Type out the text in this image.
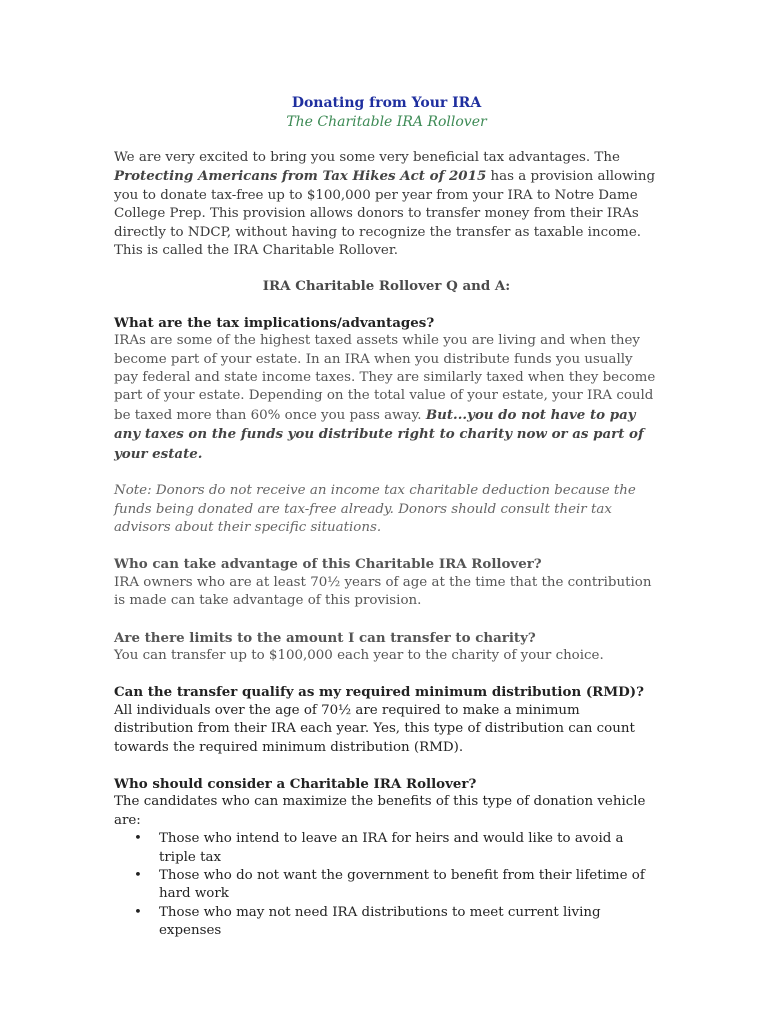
Donating from Your IRA
The Charitable IRA Rollover

We are very excited to bring you some very beneficial tax advantages. The Protecting Americans from Tax Hikes Act of 2015 has a provision allowing you to donate tax-free up to $100,000 per year from your IRA to Notre Dame College Prep. This provision allows donors to transfer money from their IRAs directly to NDCP, without having to recognize the transfer as taxable income. This is called the IRA Charitable Rollover.

IRA Charitable Rollover Q and A:
What are the tax implications/advantages?

IRAs are some of the highest taxed assets while you are living and when they become part of your estate. In an IRA when you distribute funds you usually pay federal and state income taxes. They are similarly taxed when they become part of your estate. Depending on the total value of your estate, your IRA could be taxed more than 60% once you pass away. But...you do not have to pay any taxes on the funds you distribute right to charity now or as part of your estate.

Note: Donors do not receive an income tax charitable deduction because the funds being donated are tax-free already. Donors should consult their tax advisors about their specific situations.

Who can take advantage of this Charitable IRA Rollover?

IRA owners who are at least 70½ years of age at the time that the contribution is made can take advantage of this provision.

Are there limits to the amount I can transfer to charity?

You can transfer up to $100,000 each year to the charity of your choice.

Can the transfer qualify as my required minimum distribution (RMD)?

All individuals over the age of 70½ are required to make a minimum distribution from their IRA each year. Yes, this type of distribution can count towards the required minimum distribution (RMD).

Who should consider a Charitable IRA Rollover?

The candidates who can maximize the benefits of this type of donation vehicle are:

• Those who intend to leave an IRA for heirs and would like to avoid a triple tax
• Those who do not want the government to benefit from their lifetime of hard work
• Those who may not need IRA distributions to meet current living expenses
